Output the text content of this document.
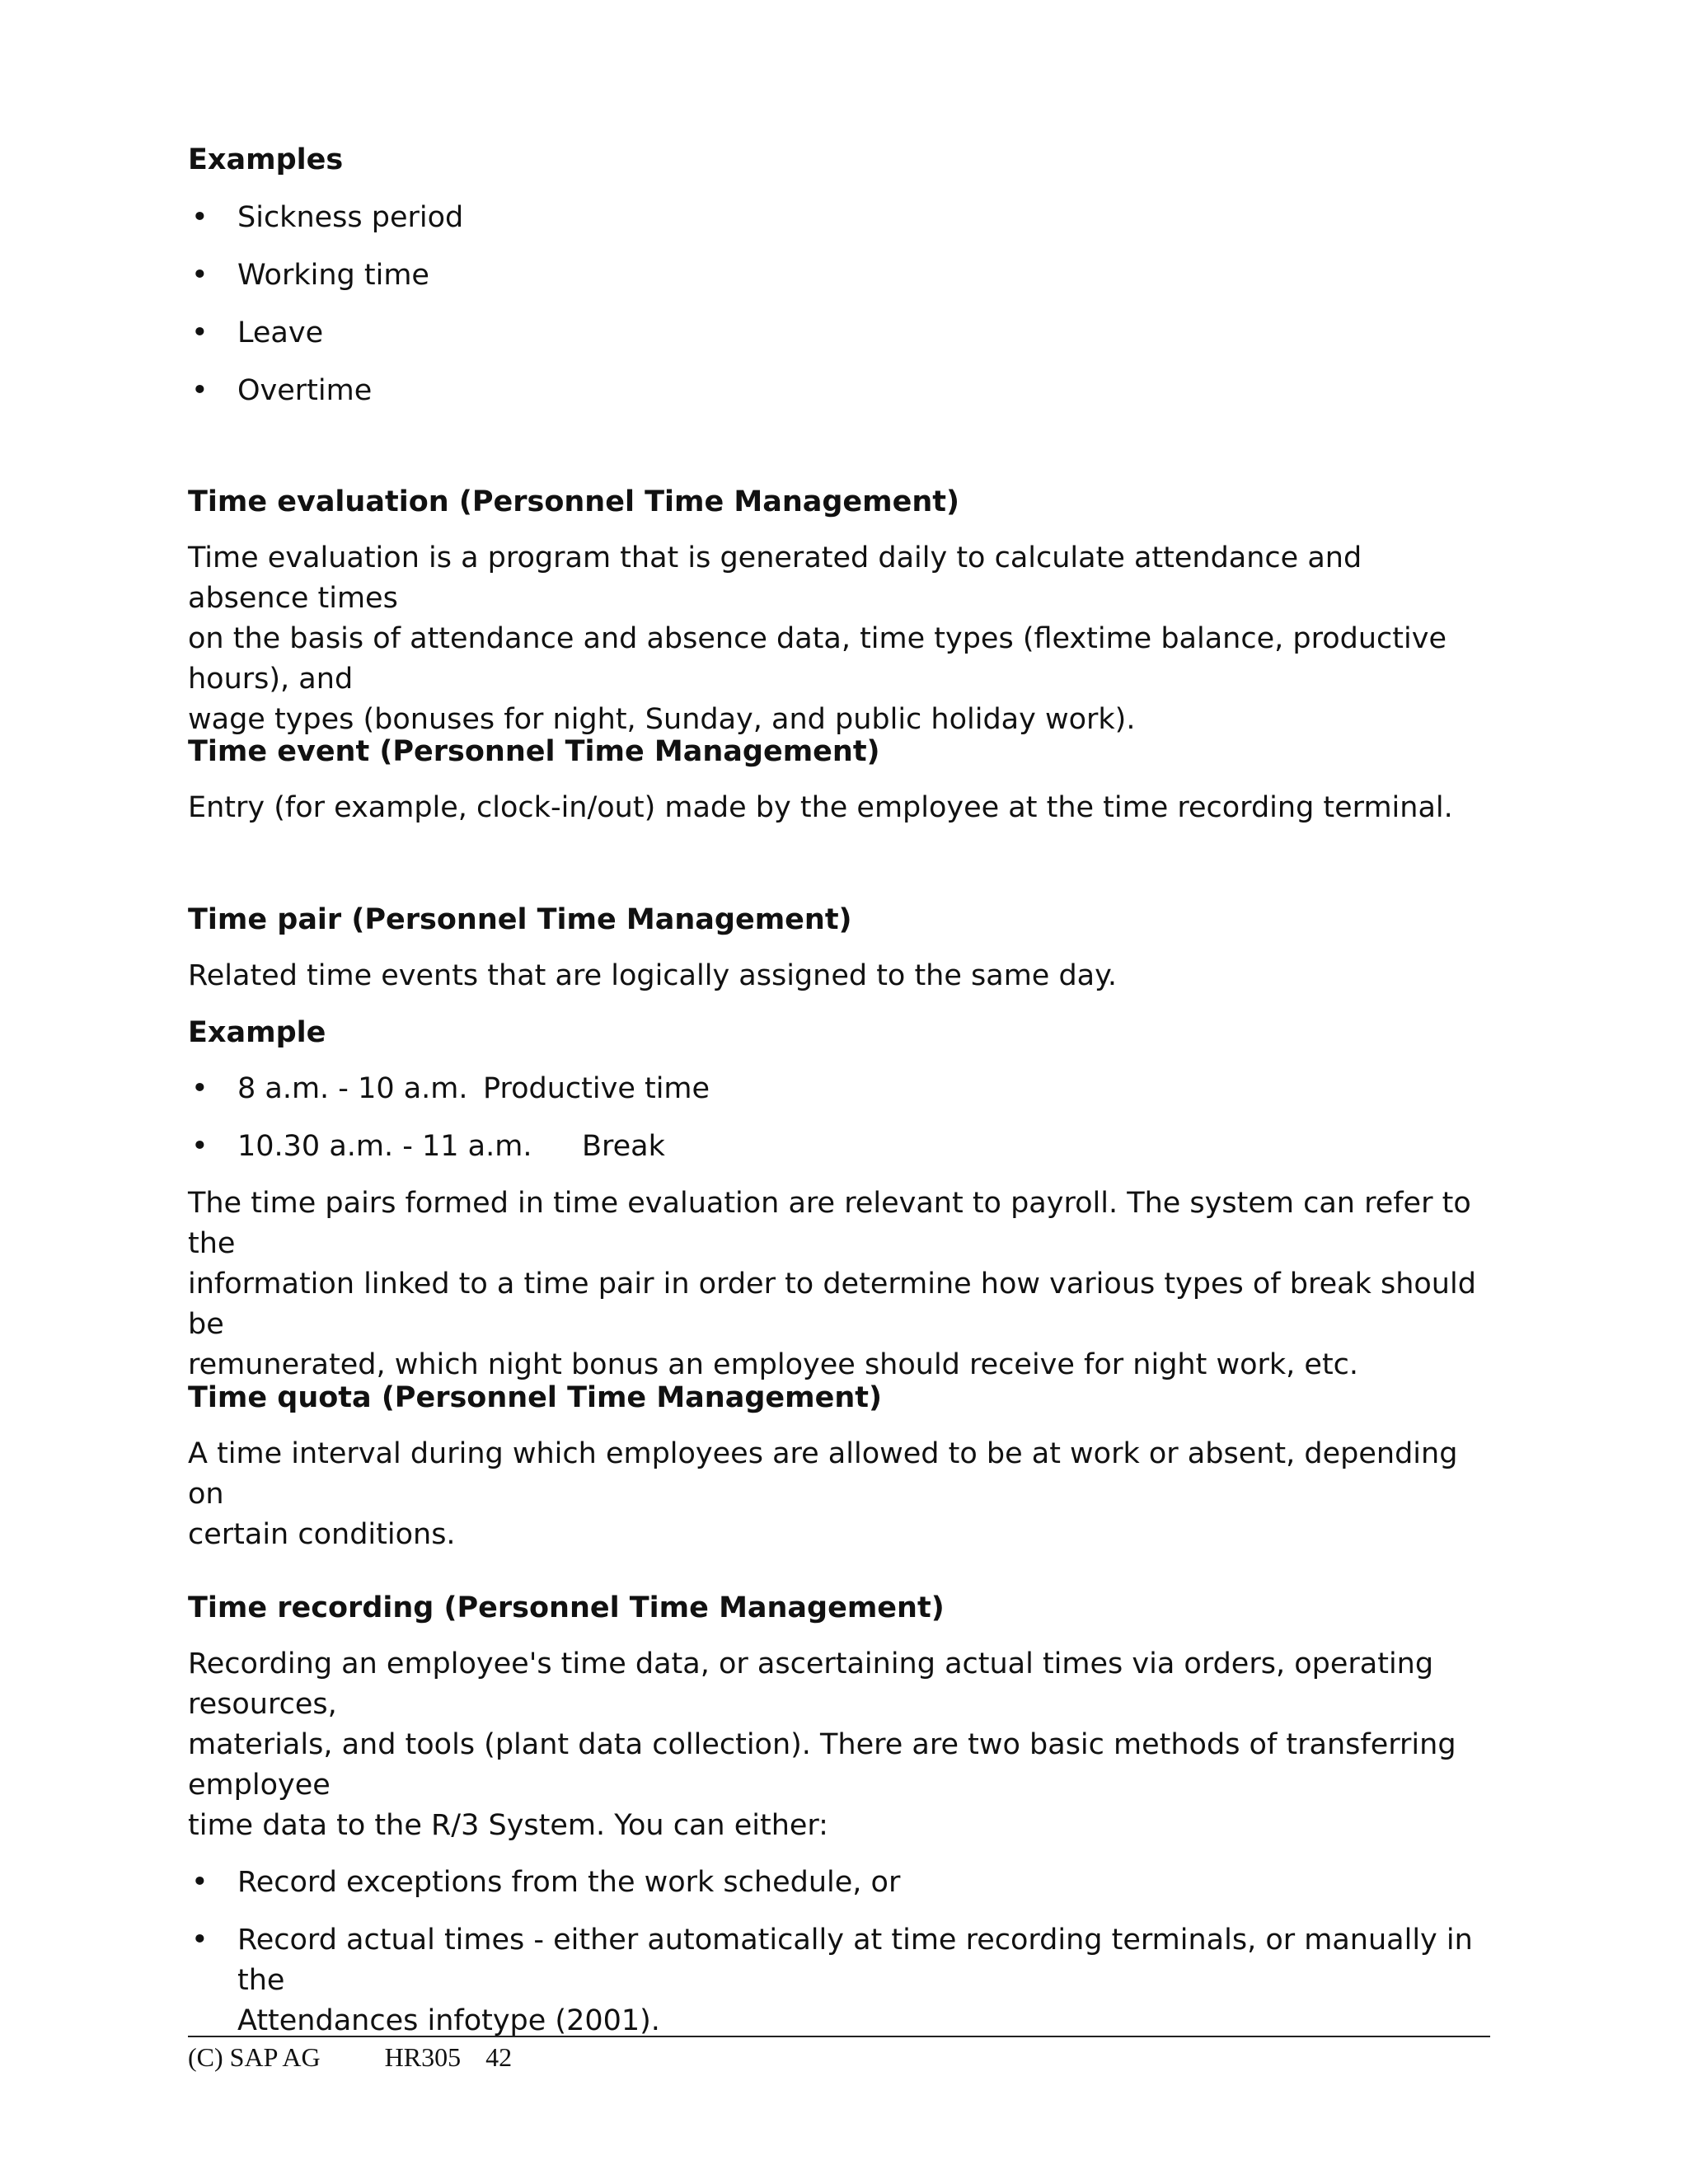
Examples

• Sickness period
• Working time
• Leave
• Overtime

Time evaluation (Personnel Time Management)

Time evaluation is a program that is generated daily to calculate attendance and absence times

on the basis of attendance and absence data, time types (flextime balance, productive hours), and

wage types (bonuses for night, Sunday, and public holiday work).

Time event (Personnel Time Management)

Entry (for example, clock-in/out) made by the employee at the time recording terminal.

Time pair (Personnel Time Management)

Related time events that are logically assigned to the same day.

Example

• 8 a.m. - 10 a.m. Productive time
• 10.30 a.m. - 11 a.m. Break

The time pairs formed in time evaluation are relevant to payroll. The system can refer to the

information linked to a time pair in order to determine how various types of break should be

remunerated, which night bonus an employee should receive for night work, etc.

Time quota (Personnel Time Management)

A time interval during which employees are allowed to be at work or absent, depending on

certain conditions.

Time recording (Personnel Time Management)

Recording an employee's time data, or ascertaining actual times via orders, operating resources,

materials, and tools (plant data collection). There are two basic methods of transferring employee

time data to the R/3 System. You can either:

• Record exceptions from the work schedule, or
• Record actual times - either automatically at time recording terminals, or manually in the
Attendances infotype (2001).
(C) SAP AG HR305 42
